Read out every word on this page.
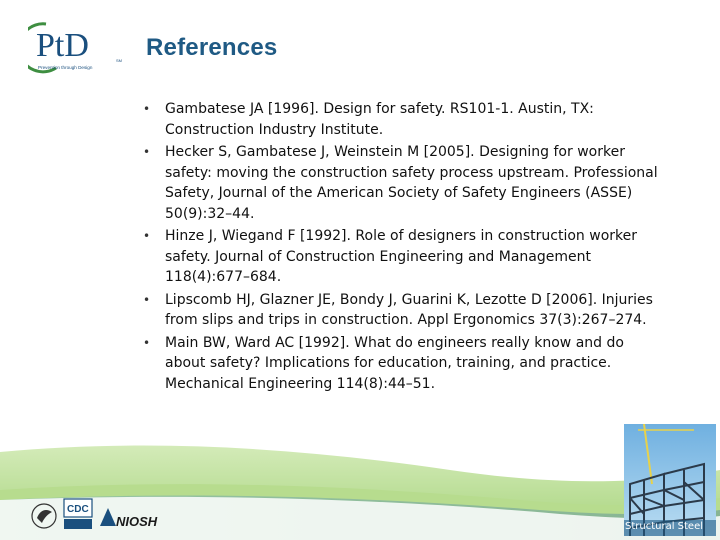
PtD
Prevention through Design
SM References
• Gambatese JA [1996]. Design for safety. RS101-1. Austin, TX: Construction Industry Institute.
• Hecker S, Gambatese J, Weinstein M [2005]. Designing for worker safety: moving the construction safety process upstream. Professional Safety, Journal of the American Society of Safety Engineers (ASSE) 50(9):32–44.
• Hinze J, Wiegand F [1992]. Role of designers in construction worker safety. Journal of Construction Engineering and Management 118(4):677–684.
• Lipscomb HJ, Glazner JE, Bondy J, Guarini K, Lezotte D [2006]. Injuries from slips and trips in construction. Appl Ergonomics 37(3):267–274.
• Main BW, Ward AC [1992]. What do engineers really know and do about safety? Implications for education, training, and practice. Mechanical Engineering 114(8):44–51.
CDC
NIOSH	Structural Steel
